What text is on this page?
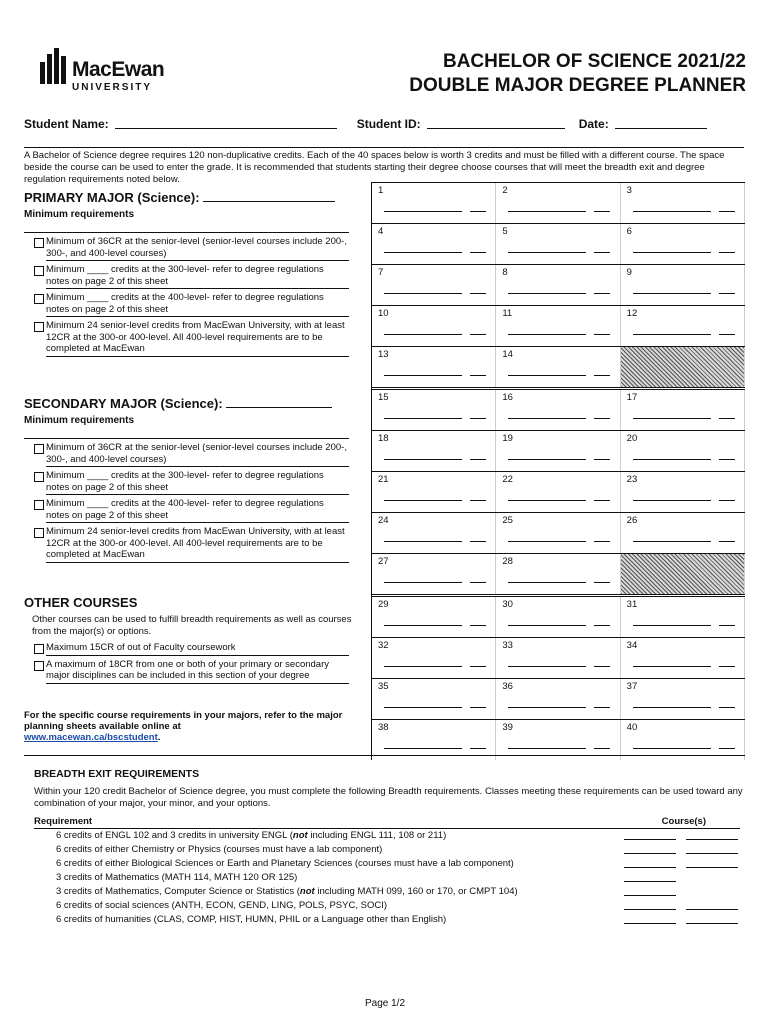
MacEwan
UNIVERSITY
BACHELOR OF SCIENCE 2021/22
DOUBLE MAJOR DEGREE PLANNER
Student Name:	Student ID:	Date:
A Bachelor of Science degree requires 120 non-duplicative credits. Each of the 40 spaces below is worth 3 credits and must be filled with a different course. The space beside the course can be used to enter the grade. It is recommended that students starting their degree choose courses that will meet the breadth exit and degree regulation requirements noted below.
PRIMARY MAJOR (Science):
Minimum requirements
Minimum of 36CR at the senior-level (senior-level courses include 200-, 300-, and 400-level courses)
Minimum ____ credits at the 300-level- refer to degree regulations notes on page 2 of this sheet
Minimum ____ credits at the 400-level- refer to degree regulations notes on page 2 of this sheet
Minimum 24 senior-level credits from MacEwan University, with at least 12CR at the 300-or 400-level. All 400-level requirements are to be completed at MacEwan
SECONDARY MAJOR (Science):
Minimum requirements
Minimum of 36CR at the senior-level (senior-level courses include 200-, 300-, and 400-level courses)
Minimum ____ credits at the 300-level- refer to degree regulations notes on page 2 of this sheet
Minimum ____ credits at the 400-level- refer to degree regulations notes on page 2 of this sheet
Minimum 24 senior-level credits from MacEwan University, with at least 12CR at the 300-or 400-level. All 400-level requirements are to be completed at MacEwan
OTHER COURSES
Other courses can be used to fulfill breadth requirements as well as courses from the major(s) or options.
Maximum 15CR of out of Faculty coursework
A maximum of 18CR from one or both of your primary or secondary major disciplines can be included in this section of your degree
For the specific course requirements in your majors, refer to the major planning sheets available online at
www.macewan.ca/bscstudent.
1	2	3
4	5	6
7	8	9
10	11	12
13	14
15	16	17
18	19	20
21	22	23
24	25	26
27	28
29	30	31
32	33	34
35	36	37
38	39	40
BREADTH EXIT REQUIREMENTS
Within your 120 credit Bachelor of Science degree, you must complete the following Breadth requirements. Classes meeting these requirements can be used toward any combination of your major, your minor, and your options.
Requirement	Course(s)
6 credits of ENGL 102 and 3 credits in university ENGL (not including ENGL 111, 108 or 211)
6 credits of either Chemistry or Physics (courses must have a lab component)
6 credits of either Biological Sciences or Earth and Planetary Sciences (courses must have a lab component)
3 credits of Mathematics (MATH 114, MATH 120 OR 125)
3 credits of Mathematics, Computer Science or Statistics (not including MATH 099, 160 or 170, or CMPT 104)
6 credits of social sciences (ANTH, ECON, GEND, LING, POLS, PSYC, SOCI)
6 credits of humanities (CLAS, COMP, HIST, HUMN, PHIL or a Language other than English)
Page 1/2
